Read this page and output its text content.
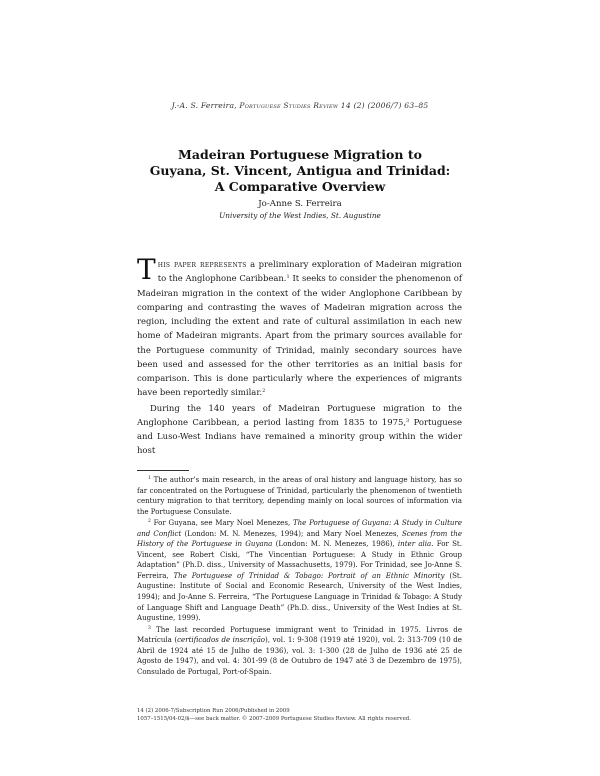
J.-A. S. Ferreira, Portuguese Studies Review 14 (2) (2006/7) 63–85
Madeiran Portuguese Migration to
Guyana, St. Vincent, Antigua and Trinidad:
A Comparative Overview
Jo-Anne S. Ferreira
University of the West Indies, St. Augustine

This paper represents a preliminary exploration of Madeiran migration to the Anglophone Caribbean.$^1$ It seeks to consider the phenomenon of Madeiran migration in the context of the wider Anglophone Caribbean by comparing and contrasting the waves of Madeiran migration across the region, including the extent and rate of cultural assimilation in each new home of Madeiran migrants. Apart from the primary sources available for the Portuguese community of Trinidad, mainly secondary sources have been used and assessed for the other territories as an initial basis for comparison. This is done particularly where the experiences of migrants have been reportedly similar.$^2$

During the 140 years of Madeiran Portuguese migration to the Anglophone Caribbean, a period lasting from 1835 to 1975,$^3$ Portuguese and Luso-West Indians have remained a minority group within the wider host

$^1$ The author’s main research, in the areas of oral history and language history, has so far concentrated on the Portuguese of Trinidad, particularly the phenomenon of twentieth century migration to that territory, depending mainly on local sources of information via the Portuguese Consulate.

$^2$ For Guyana, see Mary Noel Menezes, The Portuguese of Guyana: A Study in Culture and Conflict (London: M. N. Menezes, 1994); and Mary Noel Menezes, Scenes from the History of the Portuguese in Guyana (London: M. N. Menezes, 1986), inter alia. For St. Vincent, see Robert Ciski, “The Vincentian Portuguese: A Study in Ethnic Group Adaptation” (Ph.D. diss., University of Massachusetts, 1979). For Trinidad, see Jo-Anne S. Ferreira, The Portuguese of Trinidad & Tobago: Portrait of an Ethnic Minority (St. Augustine: Institute of Social and Economic Research, University of the West Indies, 1994); and Jo-Anne S. Ferreira, “The Portuguese Language in Trinidad & Tobago: A Study of Language Shift and Language Death” (Ph.D. diss., University of the West Indies at St. Augustine, 1999).

$^3$ The last recorded Portuguese immigrant went to Trinidad in 1975. Livros de Matrícula (certificados de inscrição), vol. 1: 9-308 (1919 até 1920), vol. 2: 313-709 (10 de Abril de 1924 até 15 de Julho de 1936), vol. 3: 1-300 (28 de Julho de 1936 até 25 de Agosto de 1947), and vol. 4: 301-99 (8 de Outubro de 1947 até 3 de Dezembro de 1975), Consulado de Portugal, Port-of-Spain.

14 (2) 2006-7/Subscription Run 2006/Published in 2009
1057–1515/04-02/$—see back matter. © 2007–2009 Portuguese Studies Review. All rights reserved.
